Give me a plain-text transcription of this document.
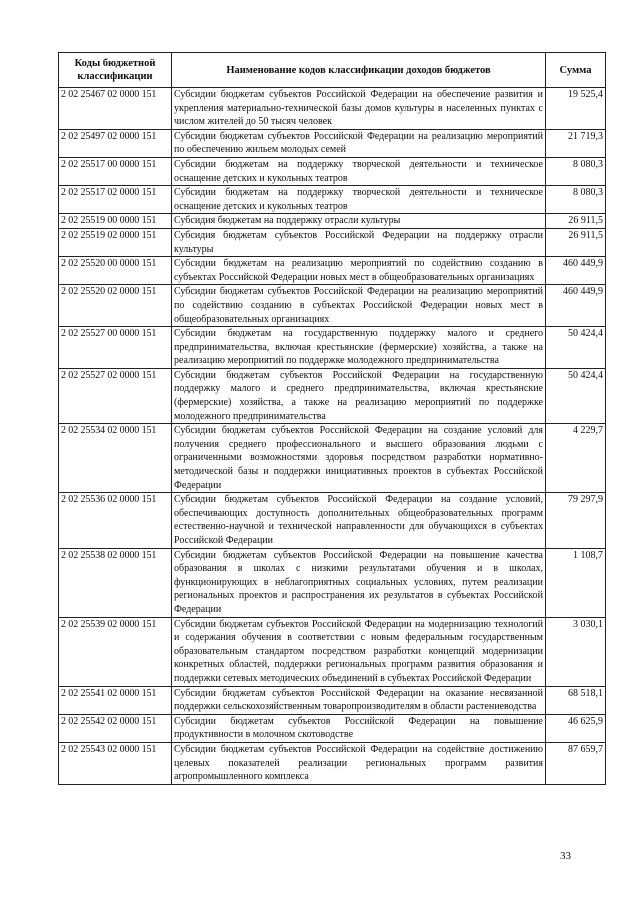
Коды бюджетной классификации	Наименование кодов классификации доходов бюджетов	Сумма
2 02 25467 02 0000 151	Субсидии бюджетам субъектов Российской Федерации на обеспечение развития и укрепления материально-технической базы домов культуры в населенных пунктах с числом жителей до 50 тысяч человек	19 525,4
2 02 25497 02 0000 151	Субсидии бюджетам субъектов Российской Федерации на реализацию мероприятий по обеспечению жильем молодых семей	21 719,3
2 02 25517 00 0000 151	Субсидии бюджетам на поддержку творческой деятельности и техническое оснащение детских и кукольных театров	8 080,3
2 02 25517 02 0000 151	Субсидии бюджетам на поддержку творческой деятельности и техническое оснащение детских и кукольных театров	8 080,3
2 02 25519 00 0000 151	Субсидия бюджетам на поддержку отрасли культуры	26 911,5
2 02 25519 02 0000 151	Субсидия бюджетам субъектов Российской Федерации на поддержку отрасли культуры	26 911,5
2 02 25520 00 0000 151	Субсидии бюджетам на реализацию мероприятий по содействию созданию в субъектах Российской Федерации новых мест в общеобразовательных организациях	460 449,9
2 02 25520 02 0000 151	Субсидии бюджетам субъектов Российской Федерации на реализацию мероприятий по содействию созданию в субъектах Российской Федерации новых мест в общеобразовательных организациях	460 449,9
2 02 25527 00 0000 151	Субсидии бюджетам на государственную поддержку малого и среднего предпринимательства, включая крестьянские (фермерские) хозяйства, а также на реализацию мероприятий по поддержке молодежного предпринимательства	50 424,4
2 02 25527 02 0000 151	Субсидии бюджетам субъектов Российской Федерации на государственную поддержку малого и среднего предпринимательства, включая крестьянские (фермерские) хозяйства, а также на реализацию мероприятий по поддержке молодежного предпринимательства	50 424,4
2 02 25534 02 0000 151	Субсидии бюджетам субъектов Российской Федерации на создание условий для получения среднего профессионального и высшего образования людьми с ограниченными возможностями здоровья посредством разработки нормативно-методической базы и поддержки инициативных проектов в субъектах Российской Федерации	4 229,7
2 02 25536 02 0000 151	Субсидии бюджетам субъектов Российской Федерации на создание условий, обеспечивающих доступность дополнительных общеобразовательных программ естественно-научной и технической направленности для обучающихся в субъектах Российской Федерации	79 297,9
2 02 25538 02 0000 151	Субсидии бюджетам субъектов Российской Федерации на повышение качества образования в школах с низкими результатами обучения и в школах, функционирующих в неблагоприятных социальных условиях, путем реализации региональных проектов и распространения их результатов в субъектах Российской Федерации	1 108,7
2 02 25539 02 0000 151	Субсидии бюджетам субъектов Российской Федерации на модернизацию технологий и содержания обучения в соответствии с новым федеральным государственным образовательным стандартом посредством разработки концепций модернизации конкретных областей, поддержки региональных программ развития образования и поддержки сетевых методических объединений в субъектах Российской Федерации	3 030,1
2 02 25541 02 0000 151	Субсидии бюджетам субъектов Российской Федерации на оказание несвязанной поддержки сельскохозяйственным товаропроизводителям в области растениеводства	68 518,1
2 02 25542 02 0000 151	Субсидии бюджетам субъектов Российской Федерации на повышение продуктивности в молочном скотоводстве	46 625,9
2 02 25543 02 0000 151	Субсидии бюджетам субъектов Российской Федерации на содействие достижению целевых показателей реализации региональных программ развития агропромышленного комплекса	87 659,7
33
